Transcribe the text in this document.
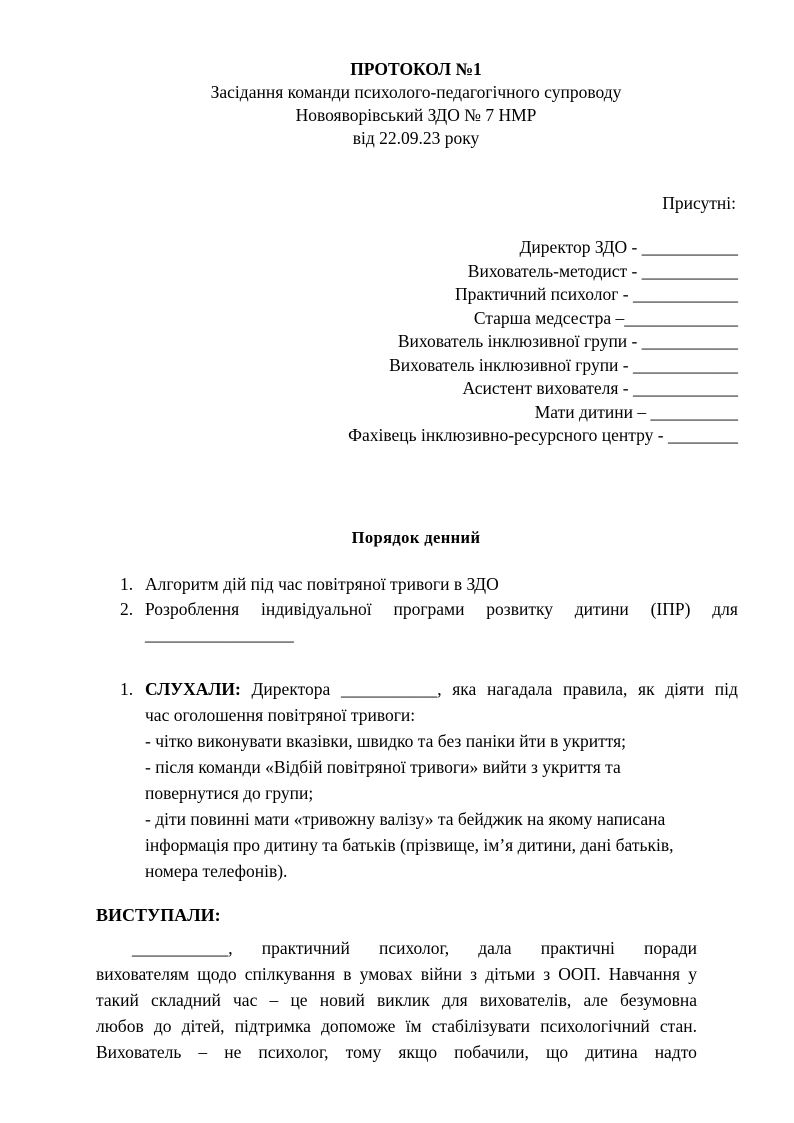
ПРОТОКОЛ №1
Засідання команди психолого-педагогічного супроводу
Новояворівський ЗДО № 7 НМР
від 22.09.23 року
Присутні:
Директор ЗДО - ___________
Вихователь-методист - ___________
Практичний психолог - ____________
Старша медсестра –_____________
Вихователь інклюзивної групи - ___________
Вихователь інклюзивної групи - ____________
Асистент вихователя - ____________
Мати дитини – __________
Фахівець інклюзивно-ресурсного центру - ________
Порядок денний
1. Алгоритм дій під час повітряної тривоги в ЗДО
2. Розроблення індивідуальної програми розвитку дитини (ІПР) для
_________________
1. СЛУХАЛИ: Директора ___________, яка нагадала правила, як діяти під
час оголошення повітряної тривоги:
- чітко виконувати вказівки, швидко та без паніки йти в укриття;
- після команди «Відбій повітряної тривоги» вийти з укриття та
повернутися до групи;
- діти повинні мати «тривожну валізу» та бейджик на якому написана
інформація про дитину та батьків (прізвище, ім’я дитини, дані батьків,
номера телефонів).
ВИСТУПАЛИ:
___________, практичний психолог, дала практичні поради
вихователям щодо спілкування в умовах війни з дітьми з ООП. Навчання у
такий складний час – це новий виклик для вихователів, але безумовна
любов до дітей, підтримка допоможе їм стабілізувати психологічний стан.
Вихователь – не психолог, тому якщо побачили, що дитина надто
